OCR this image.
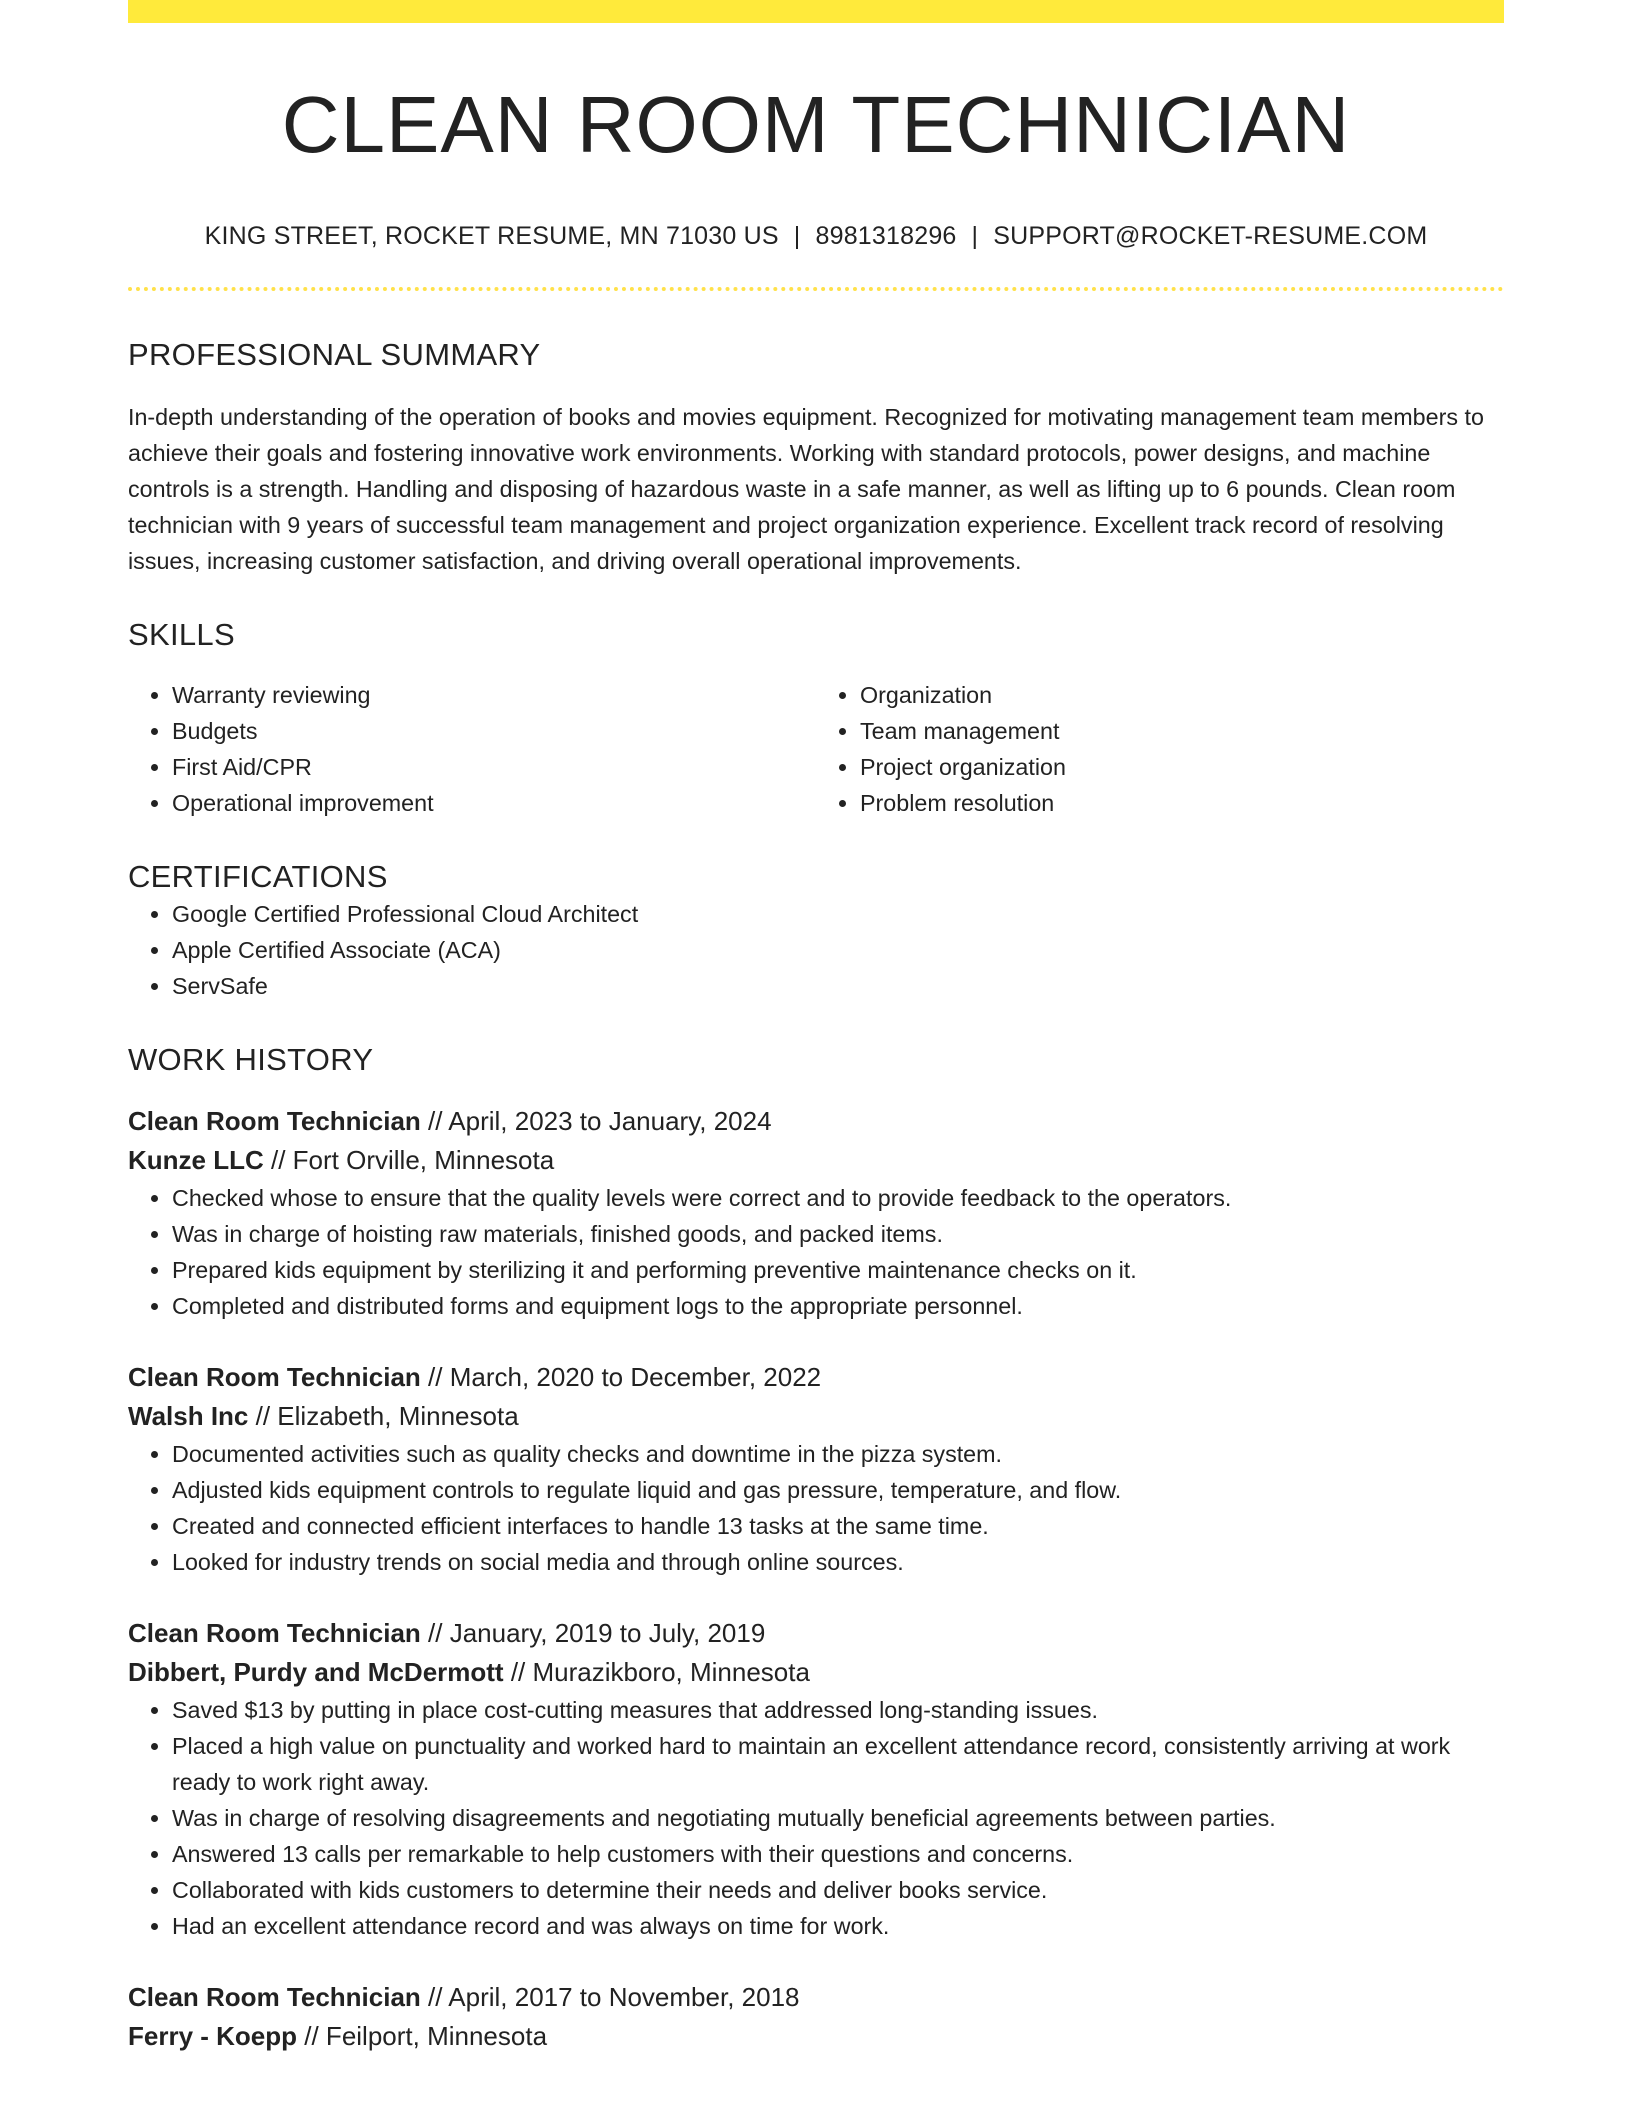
CLEAN ROOM TECHNICIAN
KING STREET, ROCKET RESUME, MN 71030 US | 8981318296 | SUPPORT@ROCKET-RESUME.COM
PROFESSIONAL SUMMARY

In-depth understanding of the operation of books and movies equipment. Recognized for motivating management team members to achieve their goals and fostering innovative work environments. Working with standard protocols, power designs, and machine controls is a strength. Handling and disposing of hazardous waste in a safe manner, as well as lifting up to 6 pounds. Clean room technician with 9 years of successful team management and project organization experience. Excellent track record of resolving issues, increasing customer satisfaction, and driving overall operational improvements.

SKILLS
• Warranty reviewing
• Budgets
• First Aid/CPR
• Operational improvement
• Organization
• Team management
• Project organization
• Problem resolution
CERTIFICATIONS
• Google Certified Professional Cloud Architect
• Apple Certified Associate (ACA)
• ServSafe
WORK HISTORY
Clean Room Technician // April, 2023 to January, 2024
Kunze LLC // Fort Orville, Minnesota
• Checked whose to ensure that the quality levels were correct and to provide feedback to the operators.
• Was in charge of hoisting raw materials, finished goods, and packed items.
• Prepared kids equipment by sterilizing it and performing preventive maintenance checks on it.
• Completed and distributed forms and equipment logs to the appropriate personnel.
Clean Room Technician // March, 2020 to December, 2022
Walsh Inc // Elizabeth, Minnesota
• Documented activities such as quality checks and downtime in the pizza system.
• Adjusted kids equipment controls to regulate liquid and gas pressure, temperature, and flow.
• Created and connected efficient interfaces to handle 13 tasks at the same time.
• Looked for industry trends on social media and through online sources.
Clean Room Technician // January, 2019 to July, 2019
Dibbert, Purdy and McDermott // Murazikboro, Minnesota
• Saved $13 by putting in place cost-cutting measures that addressed long-standing issues.
• Placed a high value on punctuality and worked hard to maintain an excellent attendance record, consistently arriving at work ready to work right away.
• Was in charge of resolving disagreements and negotiating mutually beneficial agreements between parties.
• Answered 13 calls per remarkable to help customers with their questions and concerns.
• Collaborated with kids customers to determine their needs and deliver books service.
• Had an excellent attendance record and was always on time for work.
Clean Room Technician // April, 2017 to November, 2018
Ferry - Koepp // Feilport, Minnesota
